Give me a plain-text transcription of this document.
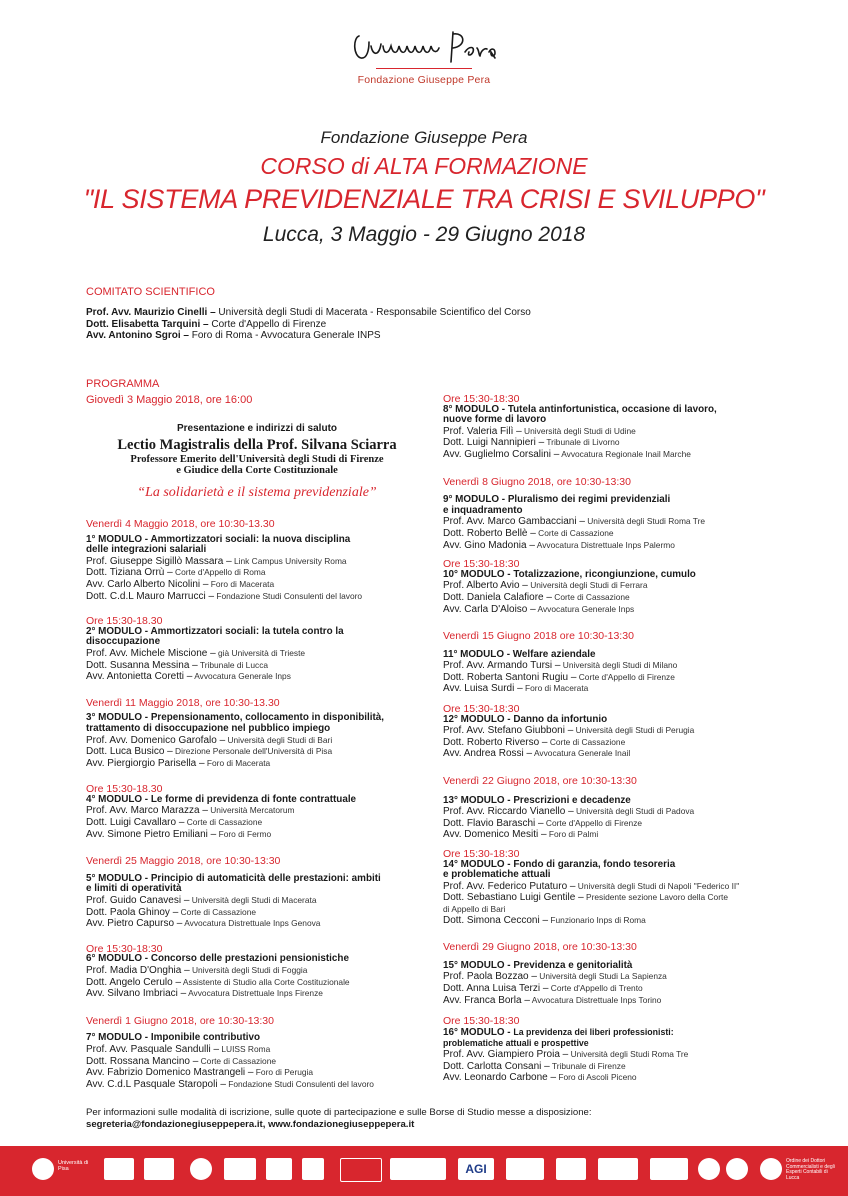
Fondazione Giuseppe Pera
Fondazione Giuseppe Pera
CORSO di ALTA FORMAZIONE
"IL SISTEMA PREVIDENZIALE TRA CRISI E SVILUPPO"
Lucca, 3 Maggio - 29 Giugno 2018
COMITATO SCIENTIFICO
Prof. Avv. Maurizio Cinelli – Università degli Studi di Macerata - Responsabile Scientifico del Corso
Dott. Elisabetta Tarquini – Corte d'Appello di Firenze
Avv. Antonino Sgroi – Foro di Roma - Avvocatura Generale INPS
PROGRAMMA
Giovedì 3 Maggio 2018, ore 16:00
Presentazione e indirizzi di saluto
Lectio Magistralis della Prof. Silvana Sciarra
Professore Emerito dell'Università degli Studi di Firenze
e Giudice della Corte Costituzionale
“La solidarietà e il sistema previdenziale”
Venerdì 4 Maggio 2018, ore 10:30-13.30
1° MODULO - Ammortizzatori sociali: la nuova disciplina
delle integrazioni salariali
Prof. Giuseppe Sigillò Massara – Link Campus University Roma
Dott. Tiziana Orrù – Corte d'Appello di Roma
Avv. Carlo Alberto Nicolini – Foro di Macerata
Dott. C.d.L Mauro Marrucci – Fondazione Studi Consulenti del lavoro
Ore 15:30-18.30
2° MODULO - Ammortizzatori sociali: la tutela contro la
disoccupazione
Prof. Avv. Michele Miscione – già Università di Trieste
Dott. Susanna Messina – Tribunale di Lucca
Avv. Antonietta Coretti – Avvocatura Generale Inps
Venerdì 11 Maggio 2018, ore 10:30-13.30
3° MODULO - Prepensionamento, collocamento in disponibilità,
trattamento di disoccupazione nel pubblico impiego
Prof. Avv. Domenico Garofalo – Università degli Studi di Bari
Dott. Luca Busico – Direzione Personale dell'Università di Pisa
Avv. Piergiorgio Parisella – Foro di Macerata
Ore 15:30-18.30
4° MODULO - Le forme di previdenza di fonte contrattuale
Prof. Avv. Marco Marazza – Università Mercatorum
Dott. Luigi Cavallaro – Corte di Cassazione
Avv. Simone Pietro Emiliani – Foro di Fermo
Venerdì 25 Maggio 2018, ore 10:30-13:30
5° MODULO - Principio di automaticità delle prestazioni: ambiti
e limiti di operatività
Prof. Guido Canavesi – Università degli Studi di Macerata
Dott. Paola Ghinoy – Corte di Cassazione
Avv. Pietro Capurso – Avvocatura Distrettuale Inps Genova
Ore 15:30-18:30
6° MODULO - Concorso delle prestazioni pensionistiche
Prof. Madia D'Onghia – Università degli Studi di Foggia
Dott. Angelo Cerulo – Assistente di Studio alla Corte Costituzionale
Avv. Silvano Imbriaci – Avvocatura Distrettuale Inps Firenze
Venerdì 1 Giugno 2018, ore 10:30-13:30
7° MODULO - Imponibile contributivo
Prof. Avv. Pasquale Sandulli – LUISS Roma
Dott. Rossana Mancino – Corte di Cassazione
Avv. Fabrizio Domenico Mastrangeli – Foro di Perugia
Avv. C.d.L Pasquale Staropoli – Fondazione Studi Consulenti del lavoro
Ore 15:30-18:30
8° MODULO - Tutela antinfortunistica, occasione di lavoro,
nuove forme di lavoro
Prof. Valeria Filì – Università degli Studi di Udine
Dott. Luigi Nannipieri – Tribunale di Livorno
Avv. Guglielmo Corsalini – Avvocatura Regionale Inail Marche
Venerdì 8 Giugno 2018, ore 10:30-13:30
9° MODULO - Pluralismo dei regimi previdenziali
e inquadramento
Prof. Avv. Marco Gambacciani – Università degli Studi Roma Tre
Dott. Roberto Bellè – Corte di Cassazione
Avv. Gino Madonia – Avvocatura Distrettuale Inps Palermo
Ore 15:30-18:30
10° MODULO - Totalizzazione, ricongiunzione, cumulo
Prof. Alberto Avio – Università degli Studi di Ferrara
Dott. Daniela Calafiore – Corte di Cassazione
Avv. Carla D'Aloiso – Avvocatura Generale Inps
Venerdì 15 Giugno 2018 ore 10:30-13:30
11° MODULO - Welfare aziendale
Prof. Avv. Armando Tursi – Università degli Studi di Milano
Dott. Roberta Santoni Rugiu – Corte d'Appello di Firenze
Avv. Luisa Surdi – Foro di Macerata
Ore 15:30-18:30
12° MODULO - Danno da infortunio
Prof. Avv. Stefano Giubboni – Università degli Studi di Perugia
Dott. Roberto Riverso – Corte di Cassazione
Avv. Andrea Rossi – Avvocatura Generale Inail
Venerdì 22 Giugno 2018, ore 10:30-13:30
13° MODULO - Prescrizioni e decadenze
Prof. Avv. Riccardo Vianello – Università degli Studi di Padova
Dott. Flavio Baraschi – Corte d'Appello di Firenze
Avv. Domenico Mesiti – Foro di Palmi
Ore 15:30-18:30
14° MODULO - Fondo di garanzia, fondo tesoreria
e problematiche attuali
Prof. Avv. Federico Putaturo – Università degli Studi di Napoli "Federico II"
Dott. Sebastiano Luigi Gentile – Presidente sezione Lavoro della Corte
di Appello di Bari
Dott. Simona Cecconi – Funzionario Inps di Roma
Venerdì 29 Giugno 2018, ore 10:30-13:30
15° MODULO - Previdenza e genitorialità
Prof. Paola Bozzao – Università degli Studi La Sapienza
Dott. Anna Luisa Terzi – Corte d'Appello di Trento
Avv. Franca Borla – Avvocatura Distrettuale Inps Torino
Ore 15:30-18:30
16° MODULO - La previdenza dei liberi professionisti:
problematiche attuali e prospettive
Prof. Avv. Giampiero Proia – Università degli Studi Roma Tre
Dott. Carlotta Consani – Tribunale di Firenze
Avv. Leonardo Carbone – Foro di Ascoli Piceno
Per informazioni sulle modalità di iscrizione, sulle quote di partecipazione e sulle Borse di Studio messe a disposizione:
segreteria@fondazionegiuseppepera.it, www.fondazionegiuseppepera.it
Università di Pisa	AGI
Ordine dei Dottori Commercialisti e degli Esperti Contabili di Lucca
